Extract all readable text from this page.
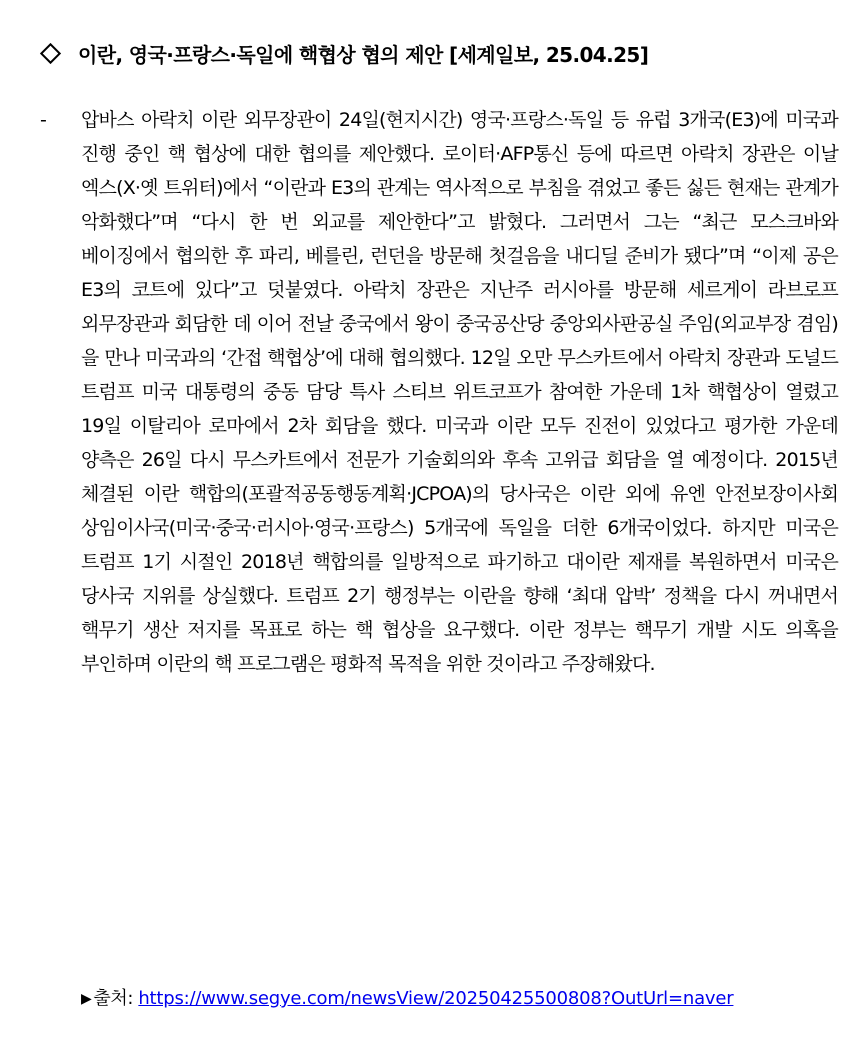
이란, 영국·프랑스·독일에 핵협상 협의 제안 [세계일보, 25.04.25]
- 압바스 아락치 이란 외무장관이 24일(현지시간) 영국·프랑스·독일 등 유럽 3개국(E3)에 미국과 진행 중인 핵 협상에 대한 협의를 제안했다. 로이터·AFP통신 등에 따르면 아락치 장관은 이날 엑스(X·옛 트위터)에서 “이란과 E3의 관계는 역사적으로 부침을 겪었고 좋든 싫든 현재는 관계가 악화했다”며 “다시 한 번 외교를 제안한다”고 밝혔다. 그러면서 그는 “최근 모스크바와 베이징에서 협의한 후 파리, 베를린, 런던을 방문해 첫걸음을 내디딜 준비가 됐다”며 “이제 공은 E3의 코트에 있다”고 덧붙였다. 아락치 장관은 지난주 러시아를 방문해 세르게이 라브로프 외무장관과 회담한 데 이어 전날 중국에서 왕이 중국공산당 중앙외사판공실 주임(외교부장 겸임)을 만나 미국과의 ‘간접 핵협상’에 대해 협의했다. 12일 오만 무스카트에서 아락치 장관과 도널드 트럼프 미국 대통령의 중동 담당 특사 스티브 위트코프가 참여한 가운데 1차 핵협상이 열렸고 19일 이탈리아 로마에서 2차 회담을 했다. 미국과 이란 모두 진전이 있었다고 평가한 가운데 양측은 26일 다시 무스카트에서 전문가 기술회의와 후속 고위급 회담을 열 예정이다. 2015년 체결된 이란 핵합의(포괄적공동행동계획·JCPOA)의 당사국은 이란 외에 유엔 안전보장이사회 상임이사국(미국·중국·러시아·영국·프랑스) 5개국에 독일을 더한 6개국이었다. 하지만 미국은 트럼프 1기 시절인 2018년 핵합의를 일방적으로 파기하고 대이란 제재를 복원하면서 미국은 당사국 지위를 상실했다. 트럼프 2기 행정부는 이란을 향해 ‘최대 압박’ 정책을 다시 꺼내면서 핵무기 생산 저지를 목표로 하는 핵 협상을 요구했다. 이란 정부는 핵무기 개발 시도 의혹을 부인하며 이란의 핵 프로그램은 평화적 목적을 위한 것이라고 주장해왔다.
▶ 출처: https://www.segye.com/newsView/20250425500808?OutUrl=naver
